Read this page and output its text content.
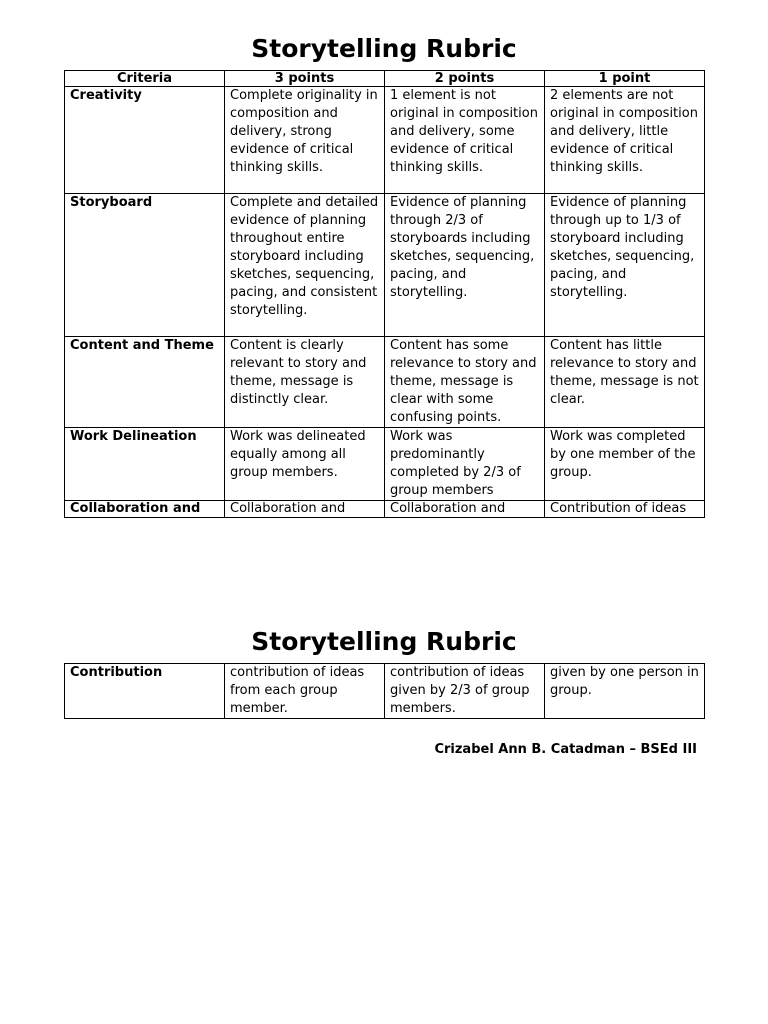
Storytelling Rubric
Criteria	3 points	2 points	1 point
Creativity	Complete originality in composition and delivery, strong evidence of critical thinking skills.	1 element is not original in composition and delivery, some evidence of critical thinking skills.	2 elements are not original in composition and delivery, little evidence of critical thinking skills.
Storyboard	Complete and detailed evidence of planning throughout entire storyboard including sketches, sequencing, pacing, and consistent storytelling.	Evidence of planning through 2/3 of storyboards including sketches, sequencing, pacing, and storytelling.	Evidence of planning through up to 1/3 of storyboard including sketches, sequencing, pacing, and storytelling.
Content and Theme	Content is clearly relevant to story and theme, message is distinctly clear.	Content has some relevance to story and theme, message is clear with some confusing points.	Content has little relevance to story and theme, message is not clear.
Work Delineation	Work was delineated equally among all group members.	Work was predominantly completed by 2/3 of group members	Work was completed by one member of the group.
Collaboration and	Collaboration and	Collaboration and	Contribution of ideas
Storytelling Rubric
Contribution	contribution of ideas from each group member.	contribution of ideas given by 2/3 of group members.	given by one person in group.
Crizabel Ann B. Catadman – BSEd III
